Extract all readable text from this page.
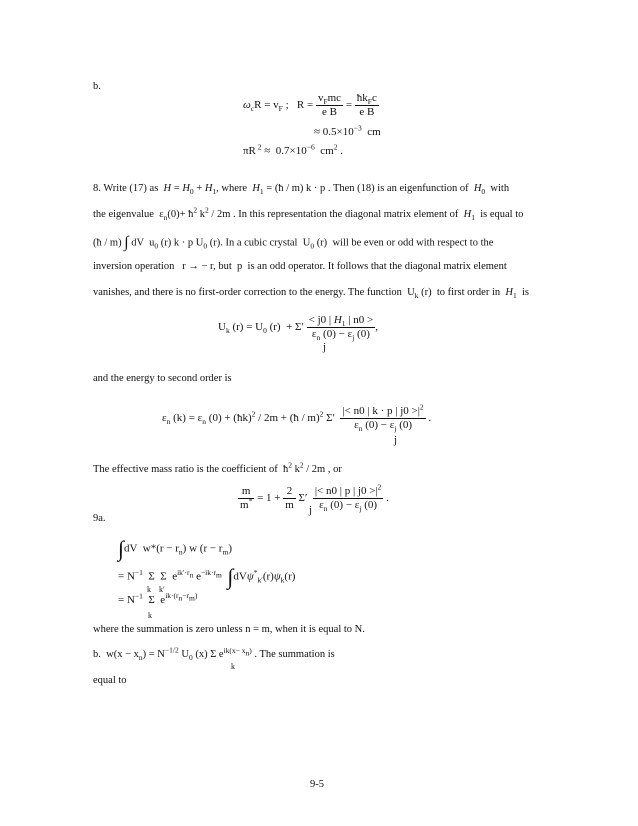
b.
$\omega_cR = v_F$ ;   $R = \frac{v_Fmc}{\text{e B}} = \frac{ħk_Fc}{\text{e B}}$
≈ $0.5\times 10^{-3}$  cm
πR $^2 \approx 0.7\times 10^{-6}$  $cm^2$ .
8. Write (17) as $H = H_0 + H_1$, where $H_1$ = (ħ / m) k · p . Then (18) is an eigenfunction of $H_0$ with
the eigenvalue  $\varepsilon_n(0)+$ $ħ^2$ $k^2 / 2m$ . In this representation the diagonal matrix element of $H_1$ is equal to
(ħ / m) ∫ dV  $u_0$ (r) k · p $U_0$ (r). In a cubic crystal  $U_0$ (r)  will be even or odd with respect to the
inversion operation   r → − r, but  p  is an odd operator. It follows that the diagonal matrix element
vanishes, and there is no first-order correction to the energy. The function  $U_k$ (r)  to first order in $H_1$ is
$U_k$ $(r) = U_0$ $(r) + \Sigma' \frac{< j0 | H_1 | n0 >}{\varepsilon_n (0) - \varepsilon_j (0)}$ ,
j
and the energy to second order is
$\varepsilon_n$ $(k) = \varepsilon_n$ (0) + (ħk)$^2$ / 2m + (ħ / m)$^2$ $\Sigma' \frac{|< n0 | k \cdot p | j0 >|^2}{\varepsilon_n (0) - \varepsilon_j (0)}$ .
j
The effective mass ratio is the coefficient of  $ħ^2$ $k^2 / 2m$ , or
$\frac{m}{m^*} = 1 + \frac{2}{m} \Sigma' \frac{|< n0 | p | j0 >|^2}{\varepsilon_n (0) - \varepsilon_j (0)}$ .
j
9a.
∫dV  $w*(r - r_n)$ w $(r - r_m)$
= $N^{-1}$  Σ  Σ  $e^{ik'\cdot r_n}$ $e^{-ik\cdot r_m}$ $\int dV\psi^*_{k'}(r)\psi_k(r)$
k    k′
= $N^{-1}$  Σ  $e^{ik\cdot(r_n-r_m)}$
k
where the summation is zero unless n = m, when it is equal to N.
b.  $w(x - x_n) = N^{-1/2}$ $U_0$ (x) Σ $e^{ik(x- x_n)}$ . The summation is
k
equal to
9-5
